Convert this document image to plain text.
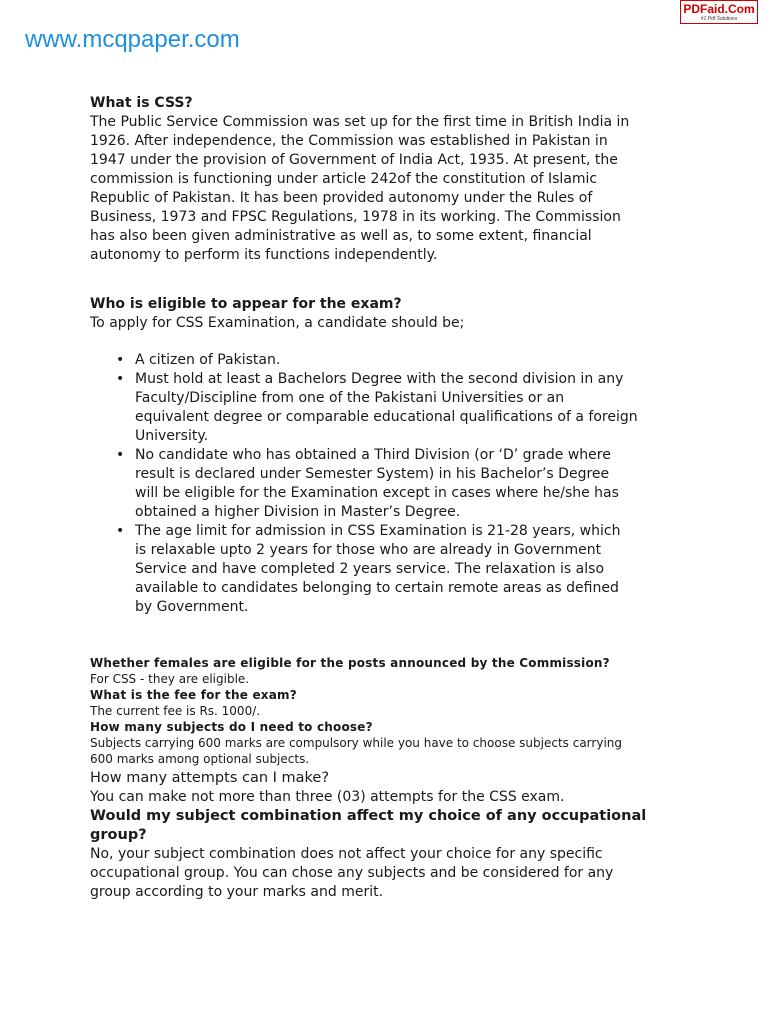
www.mcqpaper.com
PDFaid.Com
#1 Pdf Solutions
What is CSS?
The Public Service Commission was set up for the first time in British India in
1926. After independence, the Commission was established in Pakistan in
1947 under the provision of Government of India Act, 1935. At present, the
commission is functioning under article 242of the constitution of Islamic
Republic of Pakistan. It has been provided autonomy under the Rules of
Business, 1973 and FPSC Regulations, 1978 in its working. The Commission
has also been given administrative as well as, to some extent, financial
autonomy to perform its functions independently.
Who is eligible to appear for the exam?
To apply for CSS Examination, a candidate should be;
• A citizen of Pakistan.
• Must hold at least a Bachelors Degree with the second division in any
Faculty/Discipline from one of the Pakistani Universities or an
equivalent degree or comparable educational qualifications of a foreign
University.
• No candidate who has obtained a Third Division (or ‘D’ grade where
result is declared under Semester System) in his Bachelor’s Degree
will be eligible for the Examination except in cases where he/she has
obtained a higher Division in Master’s Degree.
• The age limit for admission in CSS Examination is 21-28 years, which
is relaxable upto 2 years for those who are already in Government
Service and have completed 2 years service. The relaxation is also
available to candidates belonging to certain remote areas as defined
by Government.
Whether females are eligible for the posts announced by the Commission?
For CSS - they are eligible.
What is the fee for the exam?
The current fee is Rs. 1000/.
How many subjects do I need to choose?
Subjects carrying 600 marks are compulsory while you have to choose subjects carrying
600 marks among optional subjects.
How many attempts can I make?
You can make not more than three (03) attempts for the CSS exam.
Would my subject combination affect my choice of any occupational
group?
No, your subject combination does not affect your choice for any specific
occupational group. You can chose any subjects and be considered for any
group according to your marks and merit.
